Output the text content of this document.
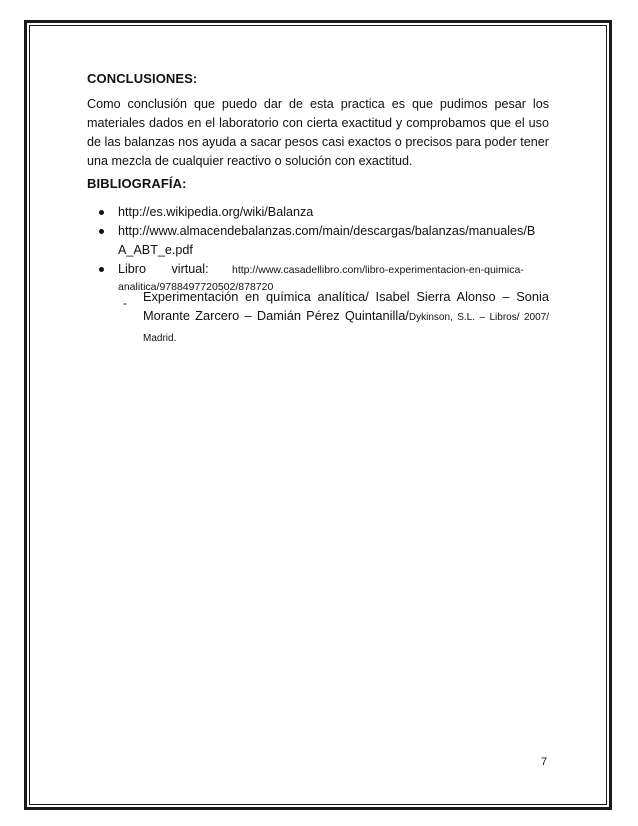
CONCLUSIONES:

Como conclusión que puedo dar de esta practica es que pudimos pesar los materiales dados en el laboratorio con cierta exactitud y comprobamos que el uso de las balanzas nos ayuda a sacar pesos casi exactos o precisos para poder tener una mezcla de cualquier reactivo o solución con exactitud.

BIBLIOGRAFÍA:
http://es.wikipedia.org/wiki/Balanza
http://www.almacendebalanzas.com/main/descargas/balanzas/manuales/B
A_ABT_e.pdf
Libro virtual: http://www.casadellibro.com/libro-experimentacion-en-quimica-
analitica/9788497720502/878720
- Experimentación en química analítica/ Isabel Sierra Alonso – Sonia Morante Zarcero – Damián Pérez Quintanilla/Dykinson, S.L. – Libros/ 2007/ Madrid.
7
